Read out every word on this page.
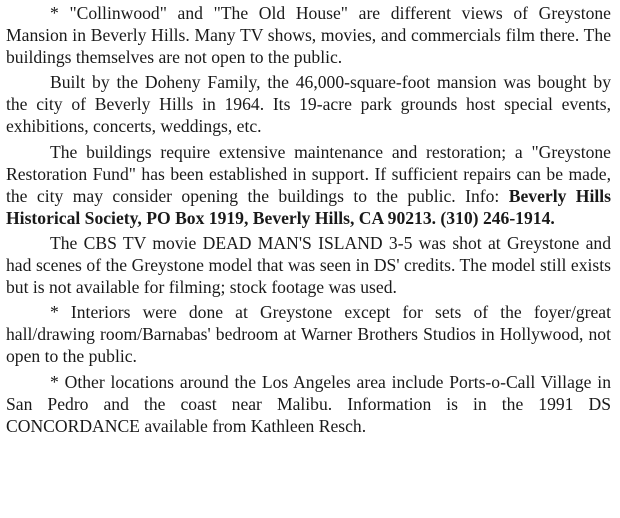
* "Collinwood" and "The Old House" are different views of Greystone Mansion in Beverly Hills. Many TV shows, movies, and commercials film there. The buildings themselves are not open to the public.

Built by the Doheny Family, the 46,000-square-foot mansion was bought by the city of Beverly Hills in 1964. Its 19-acre park grounds host special events, exhibitions, concerts, weddings, etc.

The buildings require extensive maintenance and restoration; a "Greystone Restoration Fund" has been established in support. If sufficient repairs can be made, the city may consider opening the buildings to the public. Info: Beverly Hills Historical Society, PO Box 1919, Beverly Hills, CA 90213. (310) 246-1914.

The CBS TV movie DEAD MAN'S ISLAND 3-5 was shot at Greystone and had scenes of the Greystone model that was seen in DS' credits. The model still exists but is not available for filming; stock footage was used.

* Interiors were done at Greystone except for sets of the foyer/great hall/drawing room/Barnabas' bedroom at Warner Brothers Studios in Hollywood, not open to the public.

* Other locations around the Los Angeles area include Ports-o-Call Village in San Pedro and the coast near Malibu. Information is in the 1991 DS CONCORDANCE available from Kathleen Resch.
